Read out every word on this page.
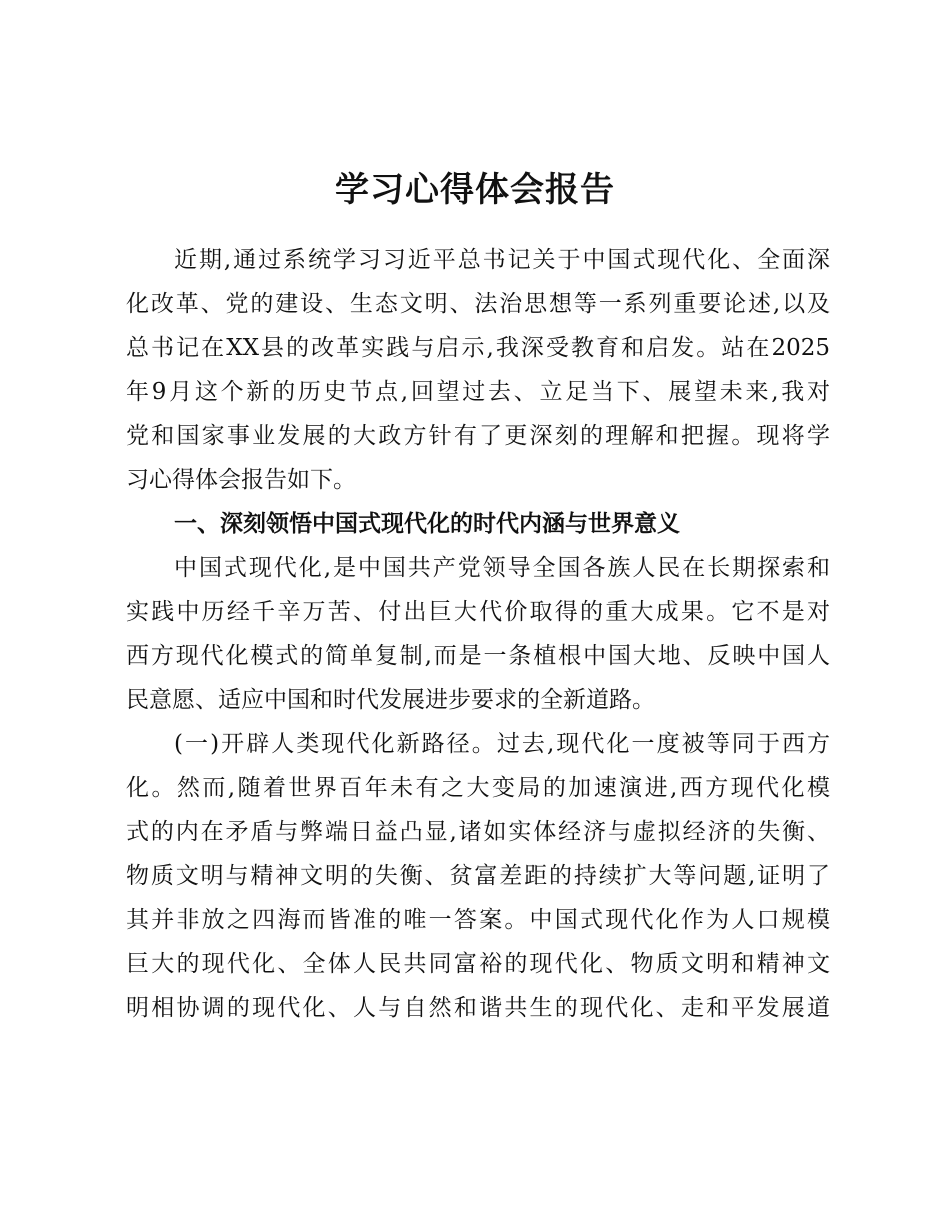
学习心得体会报告
近期,通过系统学习习近平总书记关于中国式现代化、全面深
化改革、党的建设、生态文明、法治思想等一系列重要论述,以及
总书记在XX县的改革实践与启示,我深受教育和启发。站在2025
年9月这个新的历史节点,回望过去、立足当下、展望未来,我对
党和国家事业发展的大政方针有了更深刻的理解和把握。现将学
习心得体会报告如下。
一、深刻领悟中国式现代化的时代内涵与世界意义
中国式现代化,是中国共产党领导全国各族人民在长期探索和
实践中历经千辛万苦、付出巨大代价取得的重大成果。它不是对
西方现代化模式的简单复制,而是一条植根中国大地、反映中国人
民意愿、适应中国和时代发展进步要求的全新道路。
(一)开辟人类现代化新路径。过去,现代化一度被等同于西方
化。然而,随着世界百年未有之大变局的加速演进,西方现代化模
式的内在矛盾与弊端日益凸显,诸如实体经济与虚拟经济的失衡、
物质文明与精神文明的失衡、贫富差距的持续扩大等问题,证明了
其并非放之四海而皆准的唯一答案。中国式现代化作为人口规模
巨大的现代化、全体人民共同富裕的现代化、物质文明和精神文
明相协调的现代化、人与自然和谐共生的现代化、走和平发展道
